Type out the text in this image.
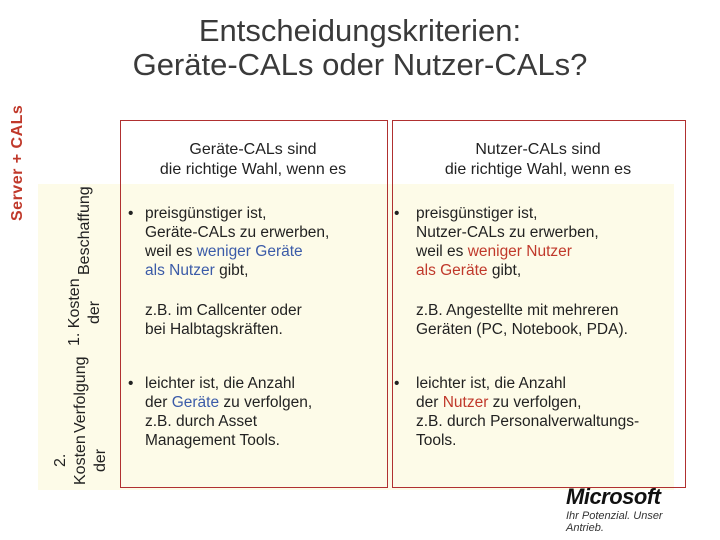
Entscheidungskriterien:
Geräte-CALs oder Nutzer-CALs?
Server + CALs
1. Kosten der
Beschaffung
2. Kosten der
Verfolgung
Geräte-CALs sind
die richtige Wahl, wenn es
Nutzer-CALs sind
die richtige Wahl, wenn es
• preisgünstiger ist,
Geräte-CALs zu erwerben,
weil es weniger Geräte
als Nutzer gibt,
z.B. im Callcenter oder
bei Halbtagskräften.
• preisgünstiger ist,
Nutzer-CALs zu erwerben,
weil es weniger Nutzer
als Geräte gibt,
z.B. Angestellte mit mehreren
Geräten (PC, Notebook, PDA).
• leichter ist, die Anzahl
der Geräte zu verfolgen,
z.B. durch Asset
Management Tools.
• leichter ist, die Anzahl
der Nutzer zu verfolgen,
z.B. durch Personalverwaltungs-
Tools.
Microsoft
Ihr Potenzial. Unser Antrieb.
